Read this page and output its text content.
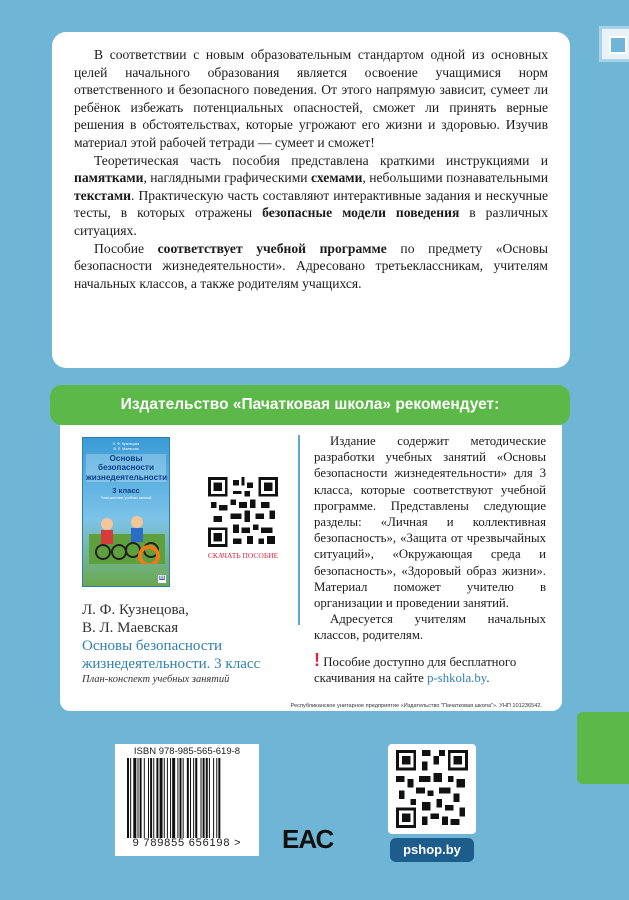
В соответствии с новым образовательным стандартом одной из основных целей начального образования является освоение учащимися норм ответственного и безопасного поведения. От этого напрямую зависит, сумеет ли ребёнок избежать потенциальных опасностей, сможет ли принять верные решения в обстоятельствах, которые угрожают его жизни и здоровью. Изучив материал этой рабочей тетради — сумеет и сможет!

Теоретическая часть пособия представлена краткими инструкциями и памятками, наглядными графическими схемами, небольшими познавательными текстами. Практическую часть составляют интерактивные задания и нескучные тесты, в которых отражены безопасные модели поведения в различных ситуациях.

Пособие соответствует учебной программе по предмету «Основы безопасности жизнедеятельности». Адресовано третьеклассникам, учителям начальных классов, а также родителям учащихся.

Издательство «Пачатковая школа» рекомендует:
Л. Ф. Кузнецова
В. Л. Маевская
Основы безопасности жизнедеятельности
3 класс
План-конспект учебных занятий
Ш
СКАЧАТЬ ПОСОБИЕ
Л. Ф. Кузнецова,
В. Л. Маевская
Основы безопасности жизнедеятельности. 3 класс
План-конспект учебных занятий

Издание содержит методические разработки учебных занятий «Основы безопасности жизнедеятельности» для 3 класса, которые соответствуют учебной программе. Представлены следующие разделы: «Личная и коллективная безопасность», «Защита от чрезвычайных ситуаций», «Окружающая среда и безопасность», «Здоровый образ жизни». Материал поможет учителю в организации и проведении занятий.

Адресуется учителям начальных классов, родителям.

! Пособие доступно для бесплатного скачивания на сайте p-shkola.by.
Республиканское унитарное предприятие «Издательство "Пачатковая школа"». УНП 101236542.
ISBN 978-985-565-619-8
9 789855 656198 >	ЕАС	pshop.by
